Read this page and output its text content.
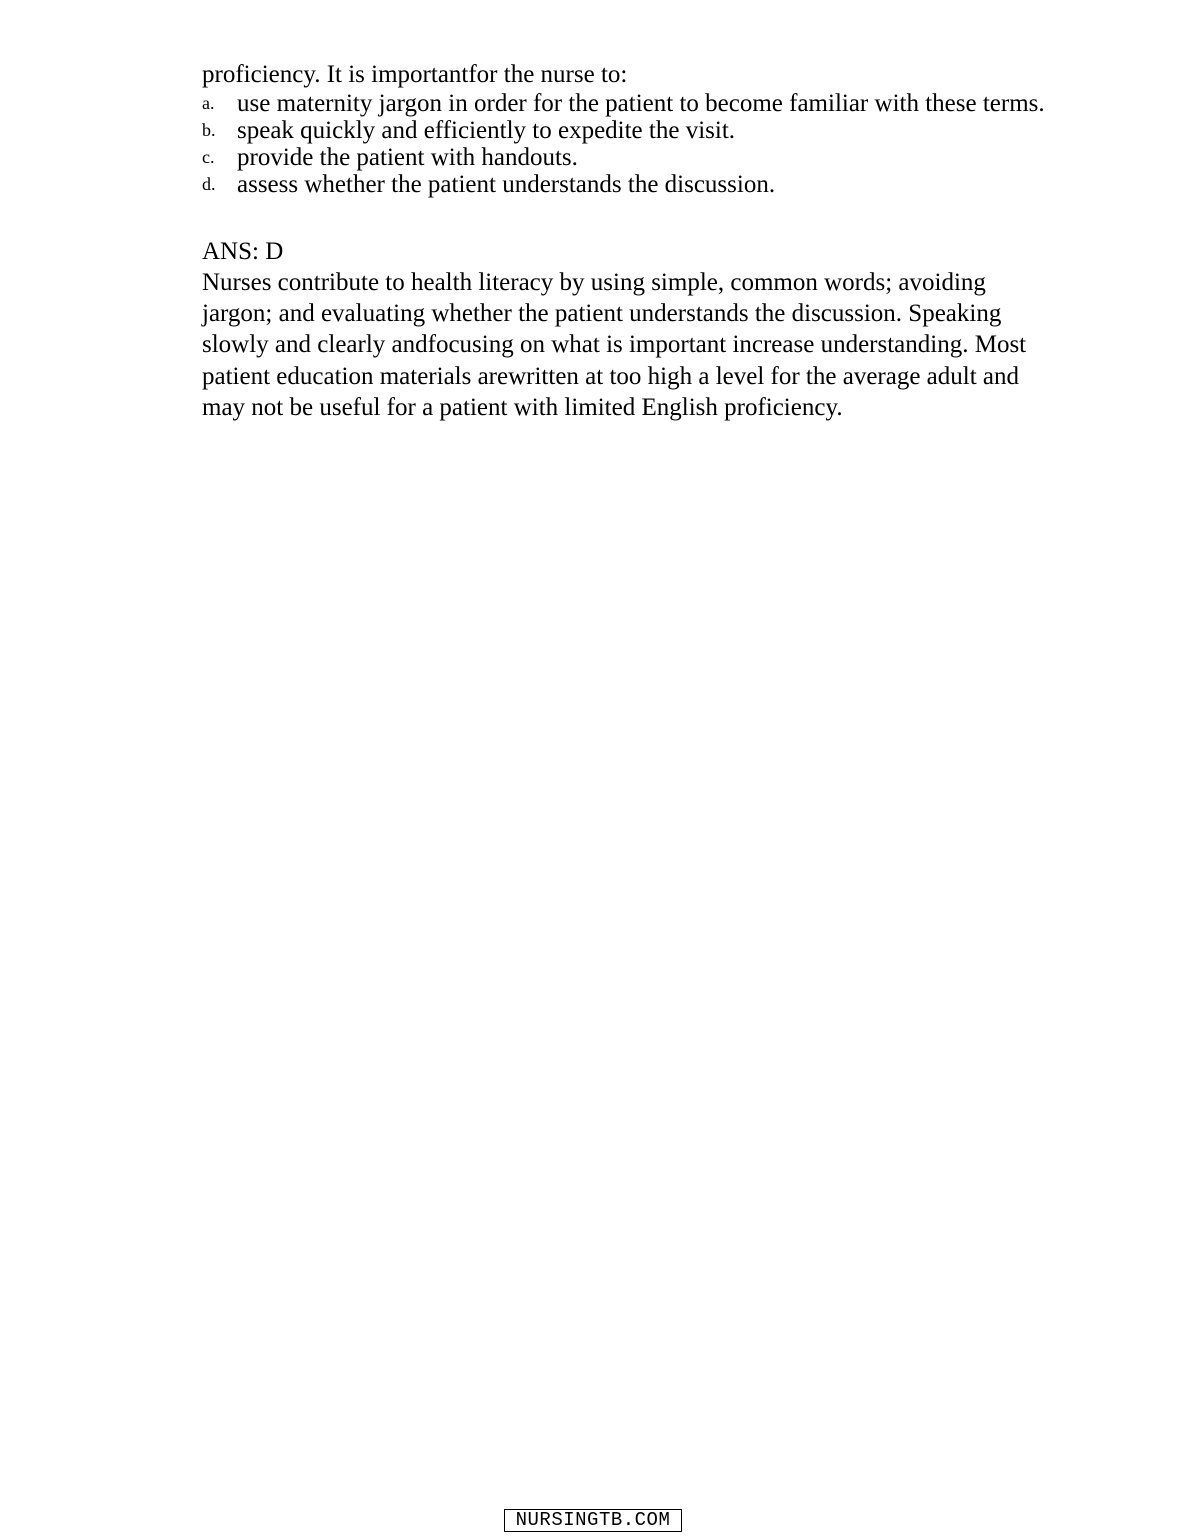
proficiency. It is importantfor the nurse to:
a. use maternity jargon in order for the patient to become familiar with these terms.
b. speak quickly and efficiently to expedite the visit.
c. provide the patient with handouts.
d. assess whether the patient understands the discussion.
ANS: D
Nurses contribute to health literacy by using simple, common words; avoiding jargon; and evaluating whether the patient understands the discussion. Speaking slowly and clearly andfocusing on what is important increase understanding. Most patient education materials arewritten at too high a level for the average adult and may not be useful for a patient with limited English proficiency.
NURSINGTB.COM
